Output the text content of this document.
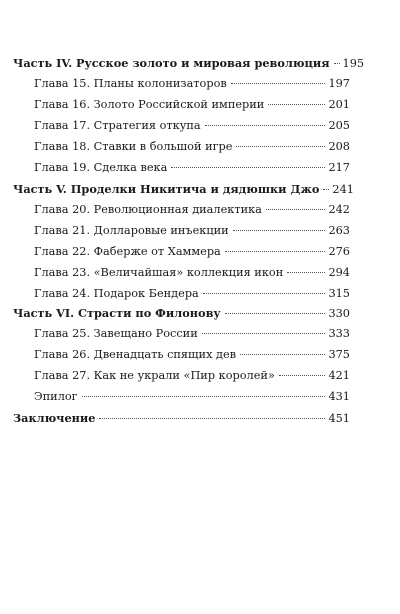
Часть IV. Русское золото и мировая революция 195
Глава 15. Планы колонизаторов	197
Глава 16. Золото Российской империи	201
Глава 17. Стратегия откупа	205
Глава 18. Ставки в большой игре	208
Глава 19. Сделка века	217
Часть V. Проделки Никитича и дядюшки Джо 241
Глава 20. Революционная диалектика	242
Глава 21. Долларовые инъекции	263
Глава 22. Фаберже от Хаммера	276
Глава 23. «Величайшая» коллекция икон	294
Глава 24. Подарок Бендера	315
Часть VI. Страсти по Филонову	330
Глава 25. Завещано России	333
Глава 26. Двенадцать спящих дев	375
Глава 27. Как не украли «Пир королей»	421
Эпилог	431
Заключение	451
